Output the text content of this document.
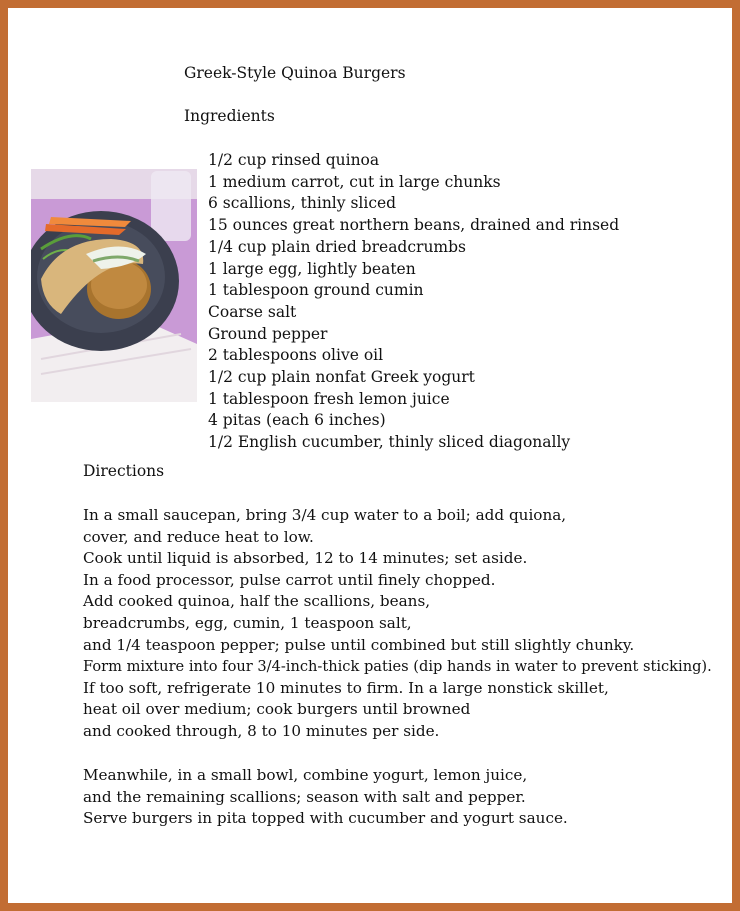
Greek-Style Quinoa Burgers
Ingredients
1/2 cup rinsed quinoa
1 medium carrot, cut in large chunks
6 scallions, thinly sliced
15 ounces great northern beans, drained and rinsed
1/4 cup plain dried breadcrumbs
1 large egg, lightly beaten
1 tablespoon ground cumin
Coarse salt
Ground pepper
2 tablespoons olive oil
1/2 cup plain nonfat Greek yogurt
1 tablespoon fresh lemon juice
4 pitas (each 6 inches)
1/2 English cucumber, thinly sliced diagonally
Directions
In a small saucepan, bring 3/4 cup water to a boil; add quiona,
cover, and reduce heat to low.
Cook until liquid is absorbed, 12 to 14 minutes; set aside.
In a food processor, pulse carrot until finely chopped.
Add cooked quinoa, half the scallions, beans,
breadcrumbs, egg, cumin, 1 teaspoon salt,
and 1/4 teaspoon pepper; pulse until combined but still slightly chunky.
Form mixture into four 3/4-inch-thick paties (dip hands in water to prevent sticking).
If too soft, refrigerate 10 minutes to firm. In a large nonstick skillet,
heat oil over medium; cook burgers until browned
and cooked through, 8 to 10 minutes per side.
Meanwhile, in a small bowl, combine yogurt, lemon juice,
and the remaining scallions; season with salt and pepper.
Serve burgers in pita topped with cucumber and yogurt sauce.
